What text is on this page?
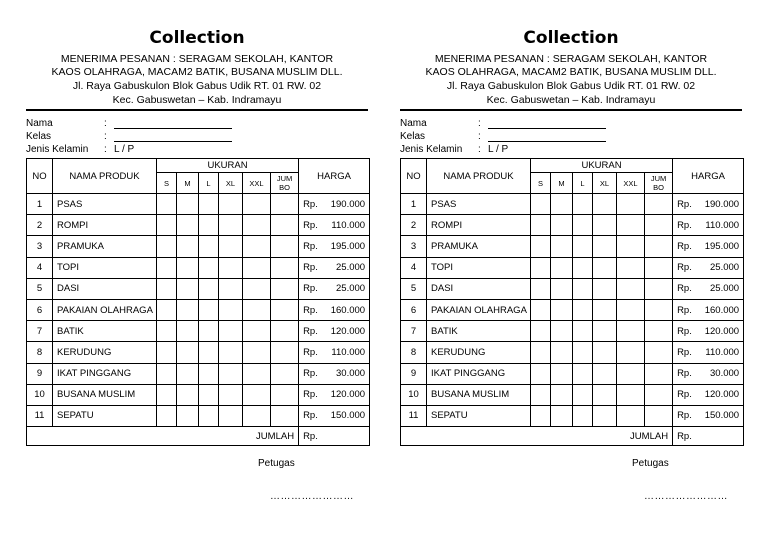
Collection
MENERIMA PESANAN : SERAGAM SEKOLAH, KANTOR
KAOS OLAHRAGA, MACAM2 BATIK, BUSANA MUSLIM DLL.
Jl. Raya Gabuskulon Blok Gabus Udik RT. 01 RW. 02
Kec. Gabuswetan – Kab. Indramayu
Nama	:
Kelas	:
Jenis Kelamin : L / P
NO	NAMA PRODUK	UKURAN						HARGA
		S	M	L	XL	XXL	JUM BO	
1	PSAS							Rp. 190.000

2	ROMPI							Rp. 110.000

3	PRAMUKA							Rp. 195.000

4	TOPI							Rp. 25.000

5	DASI							Rp. 25.000

6	PAKAIAN OLAHRAGA							Rp. 160.000

7	BATIK							Rp. 120.000

8	KERUDUNG							Rp. 110.000

9	IKAT PINGGANG							Rp. 30.000

10	BUSANA MUSLIM							Rp. 120.000

11	SEPATU							Rp. 150.000

JUMLAH								Rp.
Petugas
……………………
Collection
MENERIMA PESANAN : SERAGAM SEKOLAH, KANTOR
KAOS OLAHRAGA, MACAM2 BATIK, BUSANA MUSLIM DLL.
Jl. Raya Gabuskulon Blok Gabus Udik RT. 01 RW. 02
Kec. Gabuswetan – Kab. Indramayu
Nama	:
Kelas	:
Jenis Kelamin : L / P
NO	NAMA PRODUK	UKURAN						HARGA
		S	M	L	XL	XXL	JUM BO	
1	PSAS							Rp. 190.000

2	ROMPI							Rp. 110.000

3	PRAMUKA							Rp. 195.000

4	TOPI							Rp. 25.000

5	DASI							Rp. 25.000

6	PAKAIAN OLAHRAGA							Rp. 160.000

7	BATIK							Rp. 120.000

8	KERUDUNG							Rp. 110.000

9	IKAT PINGGANG							Rp. 30.000

10	BUSANA MUSLIM							Rp. 120.000

11	SEPATU							Rp. 150.000

JUMLAH								Rp.
Petugas
……………………
